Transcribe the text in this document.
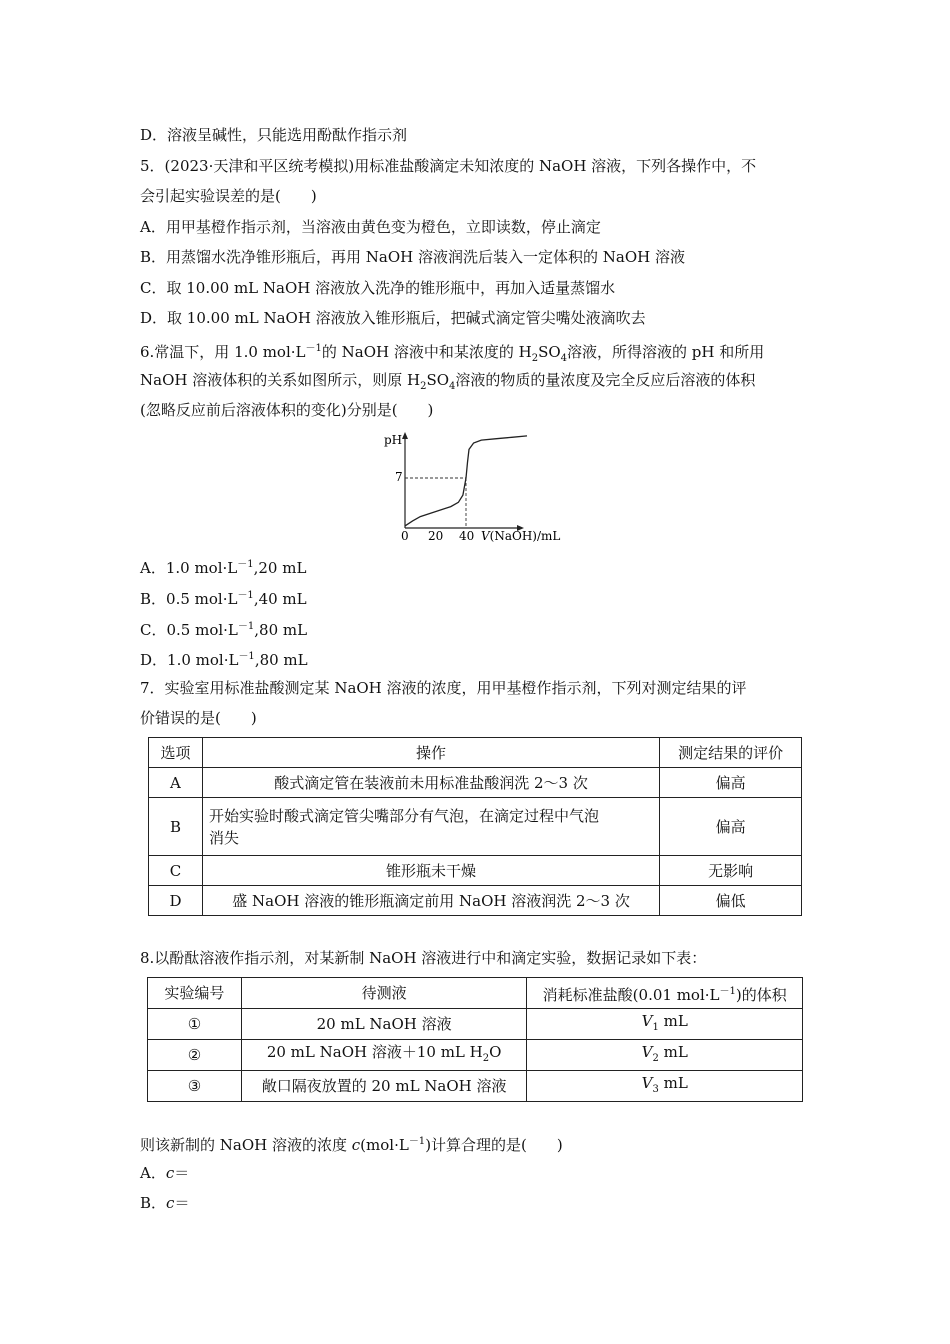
D．溶液呈碱性，只能选用酚酞作指示剂
5．(2023·天津和平区统考模拟)用标准盐酸滴定未知浓度的 NaOH 溶液，下列各操作中，不
会引起实验误差的是(　　)
A．用甲基橙作指示剂，当溶液由黄色变为橙色，立即读数，停止滴定
B．用蒸馏水洗净锥形瓶后，再用 NaOH 溶液润洗后装入一定体积的 NaOH 溶液
C．取 10.00 mL NaOH 溶液放入洗净的锥形瓶中，再加入适量蒸馏水
D．取 10.00 mL NaOH 溶液放入锥形瓶后，把碱式滴定管尖嘴处液滴吹去
6.常温下，用 1.0 $mol\cdot L^{-1}$的 NaOH 溶液中和某浓度的 $H_2SO_4$溶液，所得溶液的 pH 和所用
NaOH 溶液体积的关系如图所示，则原 $H_2SO_4$溶液的物质的量浓度及完全反应后溶液的体积
(忽略反应前后溶液体积的变化)分别是(　　)
pH
7
0 20 40 V(NaOH)/mL
A．1.0 $mol\cdot L^{-1},20$ mL
B．0.5 $mol\cdot L^{-1},40$ mL
C．0.5 $mol\cdot L^{-1},80$ mL
D．1.0 $mol\cdot L^{-1},80$ mL
7．实验室用标准盐酸测定某 NaOH 溶液的浓度，用甲基橙作指示剂，下列对测定结果的评
价错误的是(　　)
选项	操作	测定结果的评价
A	酸式滴定管在装液前未用标准盐酸润洗 2～3 次	偏高
B	开始实验时酸式滴定管尖嘴部分有气泡，在滴定过程中气泡
消失	偏高
C	锥形瓶未干燥	无影响
D	盛 NaOH 溶液的锥形瓶滴定前用 NaOH 溶液润洗 2～3 次	偏低
8.以酚酞溶液作指示剂，对某新制 NaOH 溶液进行中和滴定实验，数据记录如下表：
实验编号	待测液	消耗标准盐酸(0.01 $mol\cdot L^{-1}$)的体积
①	20 mL NaOH 溶液	$V_1$ mL
②	20 mL NaOH 溶液＋10 mL $H_2O$	$V_2$ mL
③	敞口隔夜放置的 20 mL NaOH 溶液	$V_3$ mL
则该新制的 NaOH 溶液的浓度 $c(mol\cdot L^{-1})$计算合理的是(　　)
A．c＝
B．c＝
